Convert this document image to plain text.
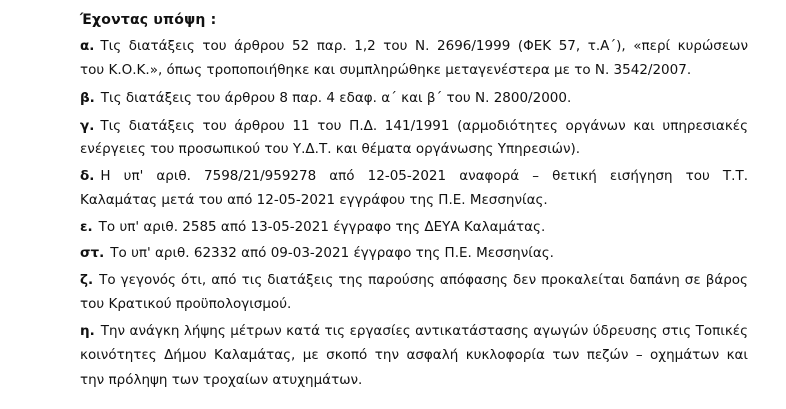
Έχοντας υπόψη :
α. Τις διατάξεις του άρθρου 52 παρ. 1,2 του Ν. 2696/1999 (ΦΕΚ 57, τ.Α΄), «περί κυρώσεων
του Κ.Ο.Κ.», όπως τροποποιήθηκε και συμπληρώθηκε μεταγενέστερα με το Ν. 3542/2007.
β. Τις διατάξεις του άρθρου 8 παρ. 4 εδαφ. α΄ και β΄ του Ν. 2800/2000.
γ. Τις διατάξεις του άρθρου 11 του Π.Δ. 141/1991 (αρμοδιότητες οργάνων και υπηρεσιακές
ενέργειες του προσωπικού του Υ.Δ.Τ. και θέματα οργάνωσης Υπηρεσιών).
δ. Η υπ' αριθ. 7598/21/959278 από 12-05-2021 αναφορά – θετική εισήγηση του Τ.Τ.
Καλαμάτας μετά του από 12-05-2021 εγγράφου της Π.Ε. Μεσσηνίας.
ε. Το υπ' αριθ. 2585 από 13-05-2021 έγγραφο της ΔΕΥΑ Καλαμάτας.
στ. Το υπ' αριθ. 62332 από 09-03-2021 έγγραφο της Π.Ε. Μεσσηνίας.
ζ. Το γεγονός ότι, από τις διατάξεις της παρούσης απόφασης δεν προκαλείται δαπάνη σε βάρος
του Κρατικού προϋπολογισμού.
η. Την ανάγκη λήψης μέτρων κατά τις εργασίες αντικατάστασης αγωγών ύδρευσης στις Τοπικές
κοινότητες Δήμου Καλαμάτας, με σκοπό την ασφαλή κυκλοφορία των πεζών – οχημάτων και
την πρόληψη των τροχαίων ατυχημάτων.
